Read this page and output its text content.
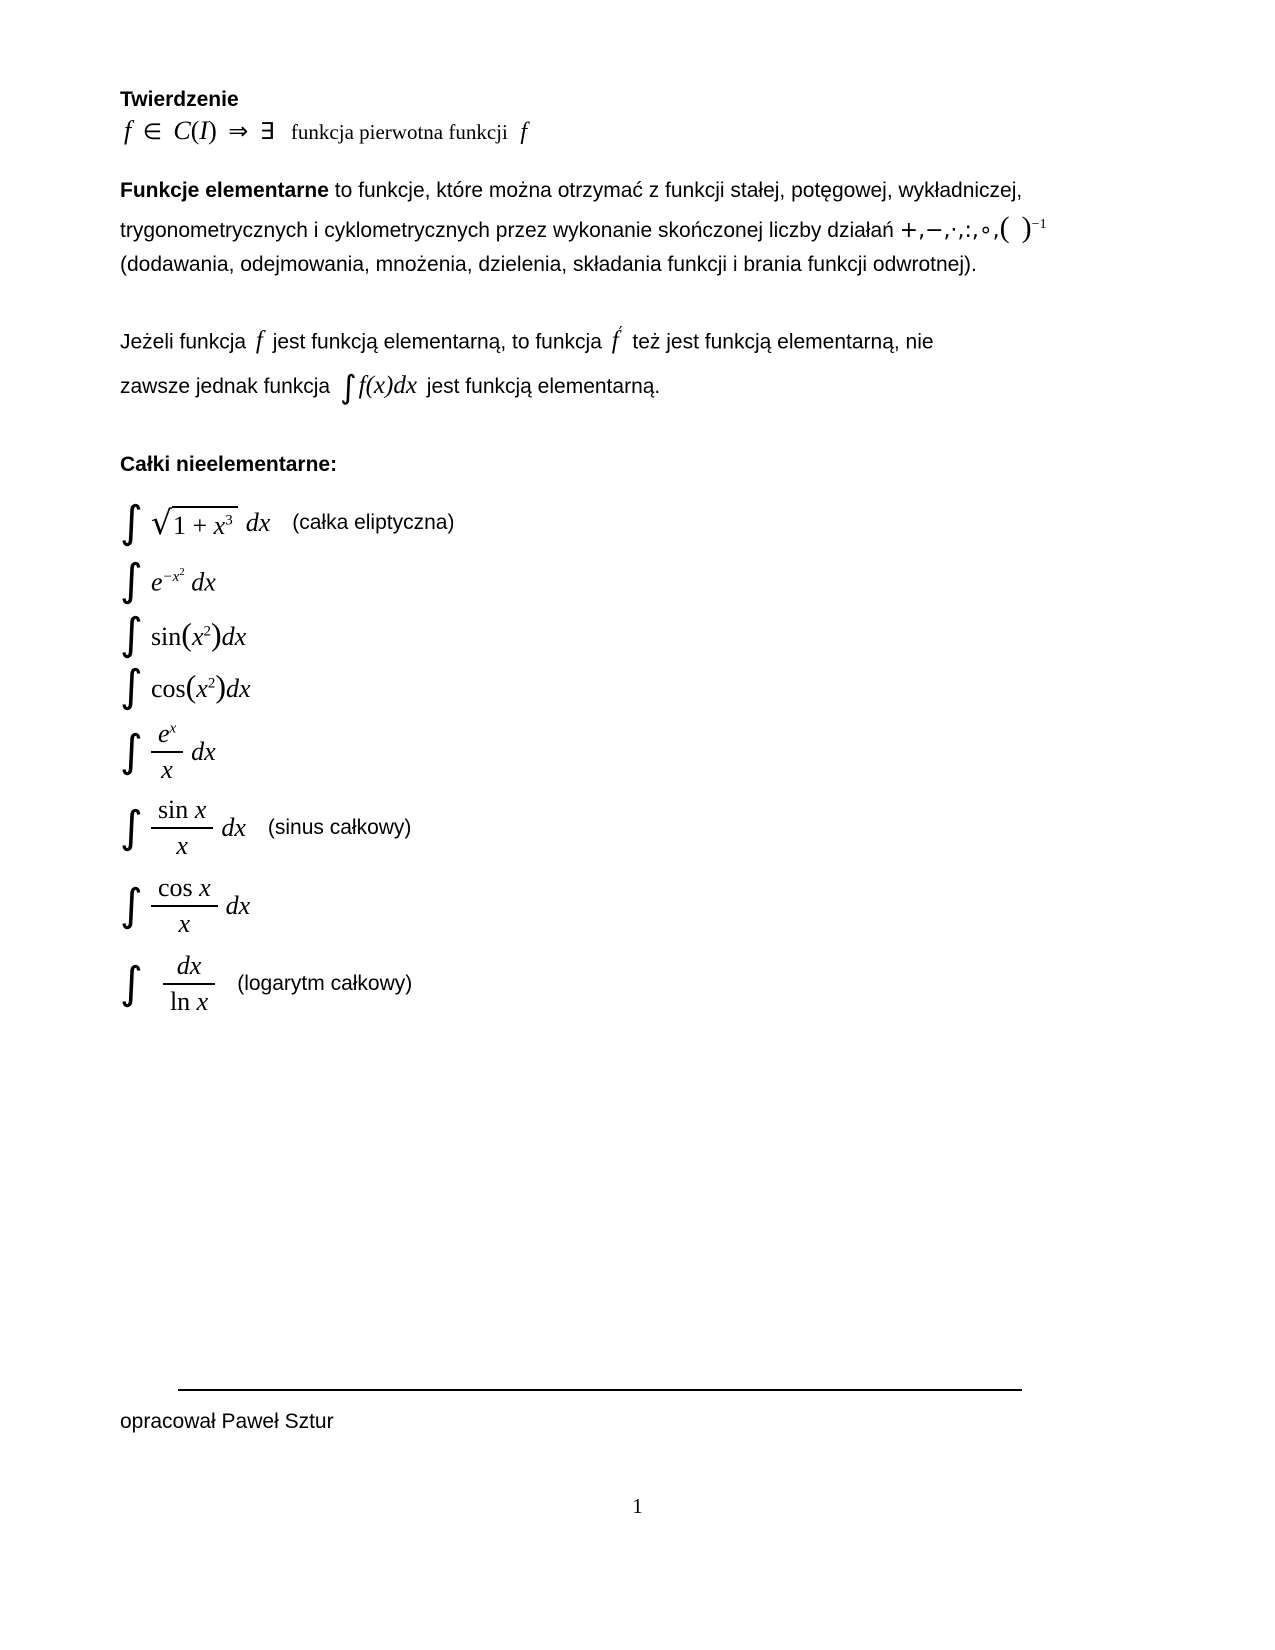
Twierdzenie
f ∈ C(I) ⇒ ∃ funkcja pierwotna funkcji f

Funkcje elementarne to funkcje, które można otrzymać z funkcji stałej, potęgowej, wykładniczej,
trygonometrycznych i cyklometrycznych przez wykonanie skończonej liczby działań +,−,⋅,:,∘,( )$^{-1}$
(dodawania, odejmowania, mnożenia, dzielenia, składania funkcji i brania funkcji odwrotnej).

Jeżeli funkcja f jest funkcją elementarną, to funkcja f′ też jest funkcją elementarną, nie
zawsze jednak funkcja ∫f(x)dx jest funkcją elementarną.

Całki nieelementarne:
∫ √ $1 + x^3$ dx (całka eliptyczna)
∫ $e^{-x^2}$ dx
∫ $\sin(x^2)dx$
∫ $\cos(x^2)dx$
∫ $\frac{e^x}{x}$ dx
∫ $\frac{\text{sin x}}{x}$ dx (sinus całkowy)
∫ $\frac{\text{cos x}}{x}$ dx
∫ $\frac{dx}{\text{ln x}}$ (logarytm całkowy)
opracował Paweł Sztur
1
